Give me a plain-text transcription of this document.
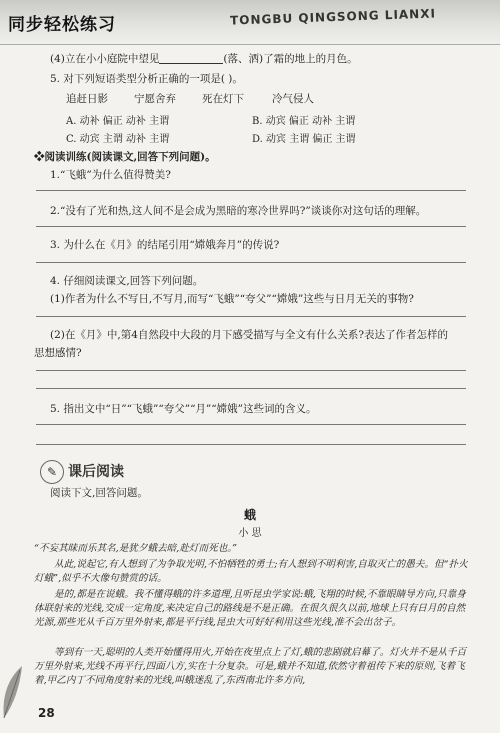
同步轻松练习	TONGBU QINGSONG LIANXI
(4)立在小小庭院中望见	(落、洒)了霜的地上的月色。
5. 对下列短语类型分析正确的一项是( )。
追赶日影 宁愿舍弃 死在灯下	冷气侵人
A. 动补 偏正 动补 主谓	B. 动宾 偏正 动补 主谓
C. 动宾 主谓 动补 主谓	D. 动宾 主谓 偏正 主谓
❖阅读训练(阅读课文,回答下列问题)。
1.“飞蛾”为什么值得赞美?
2.“没有了光和热,这人间不是会成为黑暗的寒冷世界吗?”谈谈你对这句话的理解。
3. 为什么在《月》的结尾引用“嫦娥奔月”的传说?
4. 仔细阅读课文,回答下列问题。
(1)作者为什么不写日,不写月,而写“飞蛾”“夸父”“嫦娥”这些与日月无关的事物?
(2)在《月》中,第4自然段中大段的月下感受描写与全文有什么关系?表达了作者怎样的
思想感情?
5. 指出文中“日”“飞蛾”“夸父”“月”“嫦娥”这些词的含义。
✎ 课后阅读
阅读下文,回答问题。
蛾
小 思
“不妄其昧而乐其名,是犹夕蛾去暗,赴灯而死也。”
从此,说起它,有人想到了为争取光明,不怕牺牲的勇士;有人想到不明利害,自取灭亡的愚夫。但“扑火灯蛾”,似乎不大像句赞赏的话。
是的,都是在说蛾。我不懂得蛾的许多道理,且听昆虫学家说:蛾,飞翔的时候,不靠眼睛导方向,只靠身体联射来的光线,交成一定角度,来决定自己的路线是不是正确。在很久很久以前,地球上只有日月的自然光源,那些光从千百万里外射来,都是平行线,昆虫大可好好利用这些光线,准不会出岔子。
等到有一天,聪明的人类开始懂得用火,开始在夜里点上了灯,蛾的悲剧就启幕了。灯火并不是从千百万里外射来,光线不再平行,四面八方,实在十分复杂。可是,蛾并不知道,依然守着祖传下来的原则,飞着飞着,甲乙内丁不同角度射来的光线,叫蛾迷乱了,东西南北许多方向,
28
